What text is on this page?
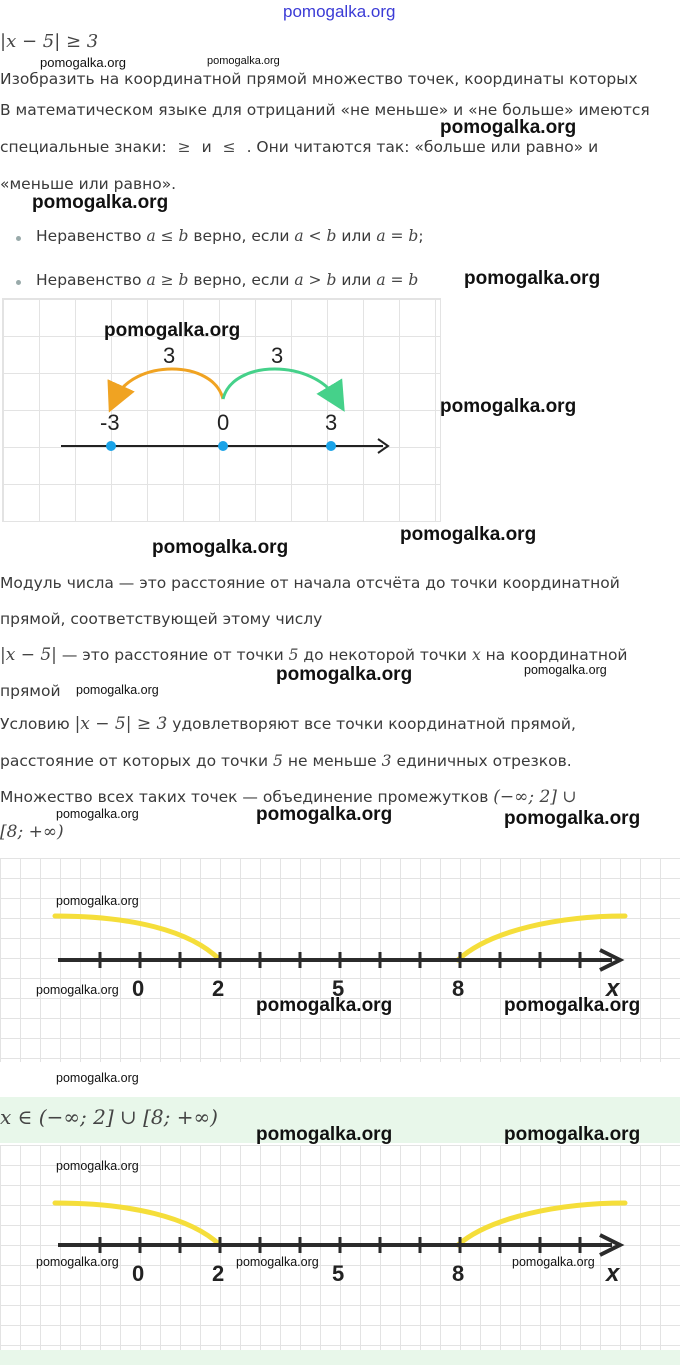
pomogalka.org
|x − 5| ≥ 3
pomogalka.org	pomogalka.org
Изобразить на координатной прямой множество точек, координаты которых
В математическом языке для отрицаний «не меньше» и «не больше» имеются
pomogalka.org
специальные знаки: ≥ и ≤ . Они читаются так: «больше или равно» и
«меньше или равно».
pomogalka.org
Неравенство a ≤ b верно, если a < b или a = b;
Неравенство a ≥ b верно, если a > b или a = b pomogalka.org
3	3
-3	0	3
pomogalka.org
pomogalka.org
pomogalka.org
pomogalka.org
Модуль числа — это расстояние от начала отсчёта до точки координатной
прямой, соответствующей этому числу
|x − 5| — это расстояние от точки 5 до некоторой точки x на координатной
прямой pomogalka.org
pomogalka.org	pomogalka.org
Условию |x − 5| ≥ 3 удовлетворяют все точки координатной прямой,
расстояние от которых до точки 5 не меньше 3 единичных отрезков.
Множество всех таких точек — объединение промежутков (−∞; 2] ∪
[8; +∞)
pomogalka.org	pomogalka.org	pomogalka.org
0	2	5	8	x
pomogalka.org
pomogalka.org
pomogalka.org	pomogalka.org
pomogalka.org
x ∈ (−∞; 2] ∪ [8; +∞)
pomogalka.org	pomogalka.org
0	2	5	8	x
pomogalka.org
pomogalka.org	pomogalka.org	pomogalka.org
